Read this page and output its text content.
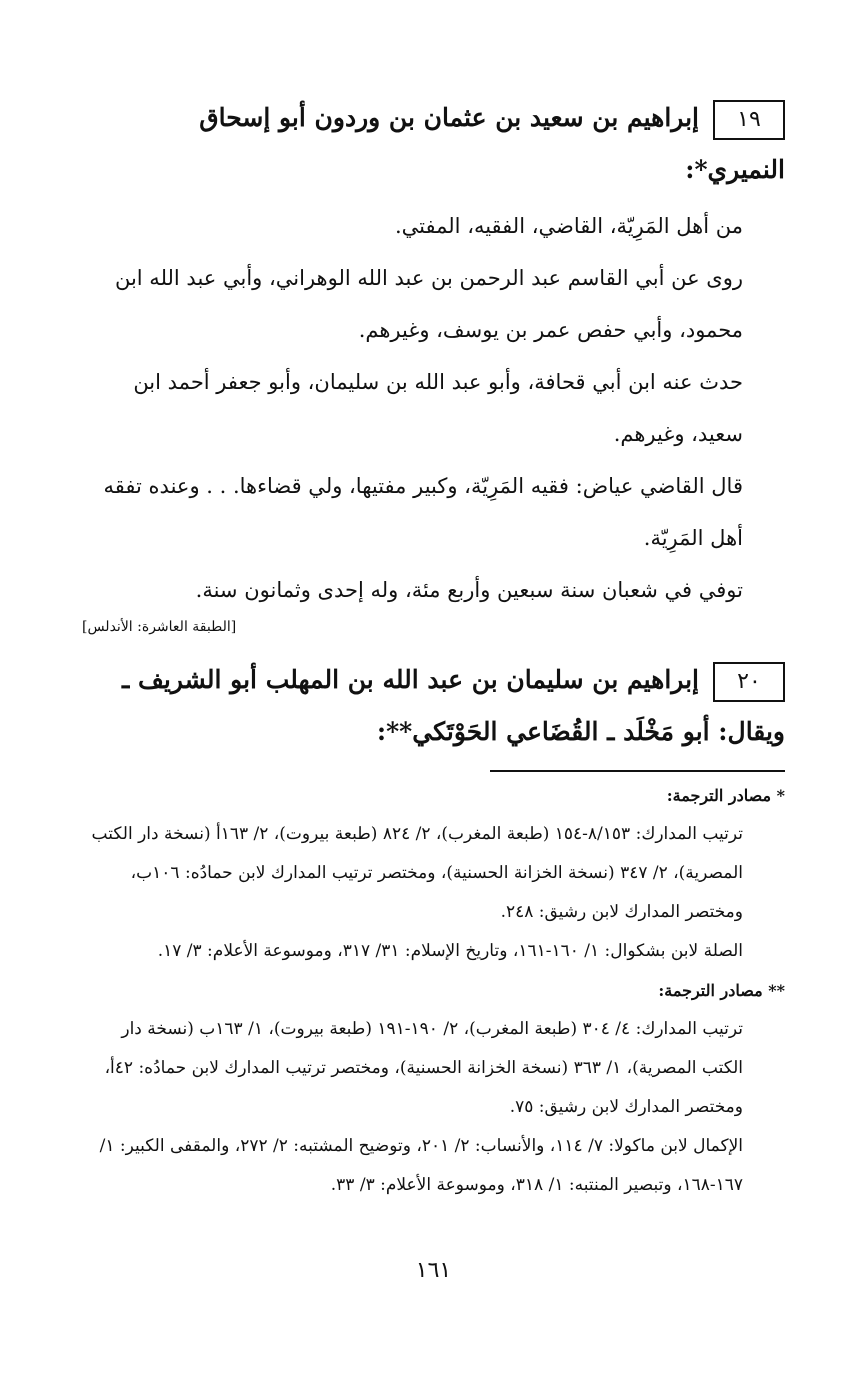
١٩إبراهيم بن سعيد بن عثمان بن وردون أبو إسحاق
النميري*:

من أهل المَرِيّة، القاضي، الفقيه، المفتي.

روى عن أبي القاسم عبد الرحمن بن عبد الله الوهراني، وأبي عبد الله ابن محمود، وأبي حفص عمر بن يوسف، وغيرهم.

حدث عنه ابن أبي قحافة، وأبو عبد الله بن سليمان، وأبو جعفر أحمد ابن سعيد، وغيرهم.

قال القاضي عياض: فقيه المَرِيّة، وكبير مفتيها، ولي قضاءها. . . وعنده تفقه أهل المَرِيّة.

توفي في شعبان سنة سبعين وأربع مئة، وله إحدى وثمانون سنة.

[الطبقة العاشرة: الأندلس]
٢٠إبراهيم بن سليمان بن عبد الله بن المهلب أبو الشريف ـ
ويقال: أبو مَخْلَد ـ القُضَاعي الحَوْتَكي**:

* مصادر الترجمة:

ترتيب المدارك: ٨/١٥٣-١٥٤ (طبعة المغرب)، ٢/ ٨٢٤ (طبعة بيروت)، ٢/ ١٦٣أ (نسخة دار الكتب المصرية)، ٢/ ٣٤٧ (نسخة الخزانة الحسنية)، ومختصر ترتيب المدارك لابن حمادُه: ١٠٦ب، ومختصر المدارك لابن رشيق: ٢٤٨.

الصلة لابن بشكوال: ١/ ١٦٠-١٦١، وتاريخ الإسلام: ٣١/ ٣١٧، وموسوعة الأعلام: ٣/ ١٧.

** مصادر الترجمة:

ترتيب المدارك: ٤/ ٣٠٤ (طبعة المغرب)، ٢/ ١٩٠-١٩١ (طبعة بيروت)، ١/ ١٦٣ب (نسخة دار الكتب المصرية)، ١/ ٣٦٣ (نسخة الخزانة الحسنية)، ومختصر ترتيب المدارك لابن حمادُه: ٤٢أ، ومختصر المدارك لابن رشيق: ٧٥.

الإكمال لابن ماكولا: ٧/ ١١٤، والأنساب: ٢/ ٢٠١، وتوضيح المشتبه: ٢/ ٢٧٢، والمقفى الكبير: ١/ ١٦٧-١٦٨، وتبصير المنتبه: ١/ ٣١٨، وموسوعة الأعلام: ٣/ ٣٣.

١٦١
